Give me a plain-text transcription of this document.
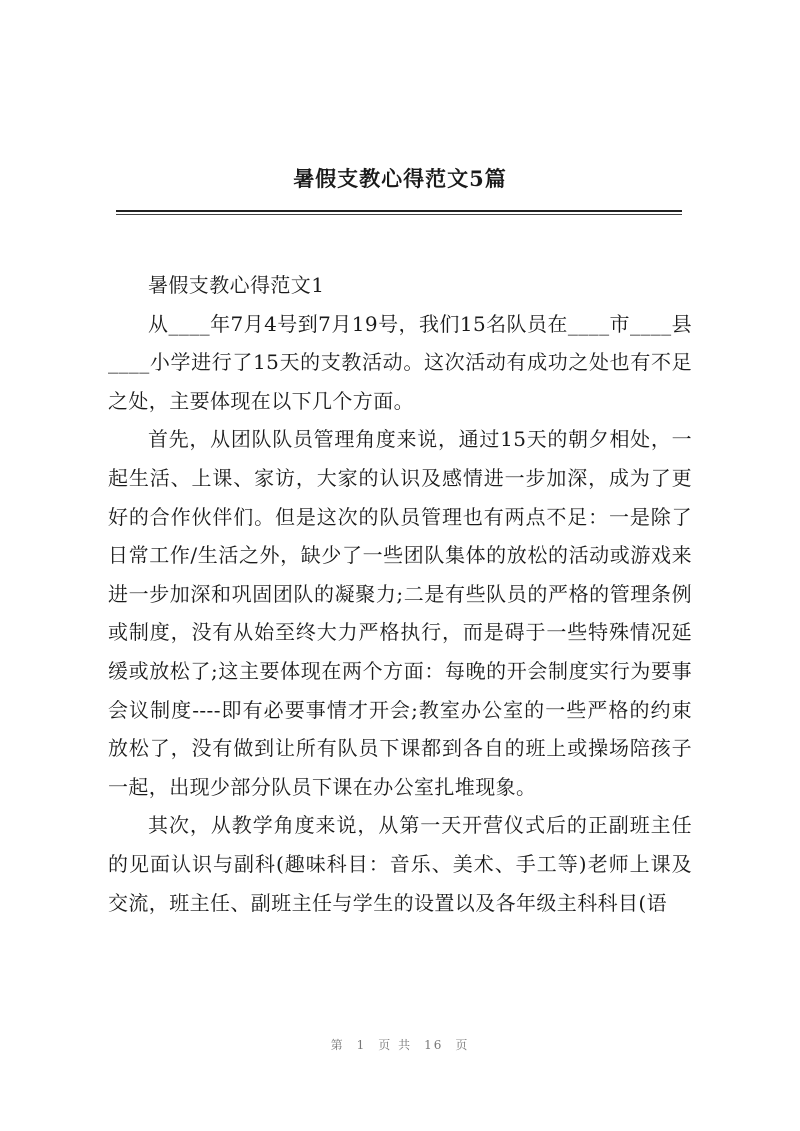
暑假支教心得范文5篇

暑假支教心得范文1

从____年7月4号到7月19号，我们15名队员在____市____县____小学进行了15天的支教活动。这次活动有成功之处也有不足之处，主要体现在以下几个方面。

首先，从团队队员管理角度来说，通过15天的朝夕相处，一起生活、上课、家访，大家的认识及感情进一步加深，成为了更好的合作伙伴们。但是这次的队员管理也有两点不足：一是除了日常工作/生活之外，缺少了一些团队集体的放松的活动或游戏来进一步加深和巩固团队的凝聚力;二是有些队员的严格的管理条例或制度，没有从始至终大力严格执行，而是碍于一些特殊情况延缓或放松了;这主要体现在两个方面：每晚的开会制度实行为要事会议制度----即有必要事情才开会;教室办公室的一些严格的约束放松了，没有做到让所有队员下课都到各自的班上或操场陪孩子一起，出现少部分队员下课在办公室扎堆现象。

其次，从教学角度来说，从第一天开营仪式后的正副班主任的见面认识与副科(趣味科目：音乐、美术、手工等)老师上课及交流，班主任、副班主任与学生的设置以及各年级主科科目(语

第 1 页 共 16 页
